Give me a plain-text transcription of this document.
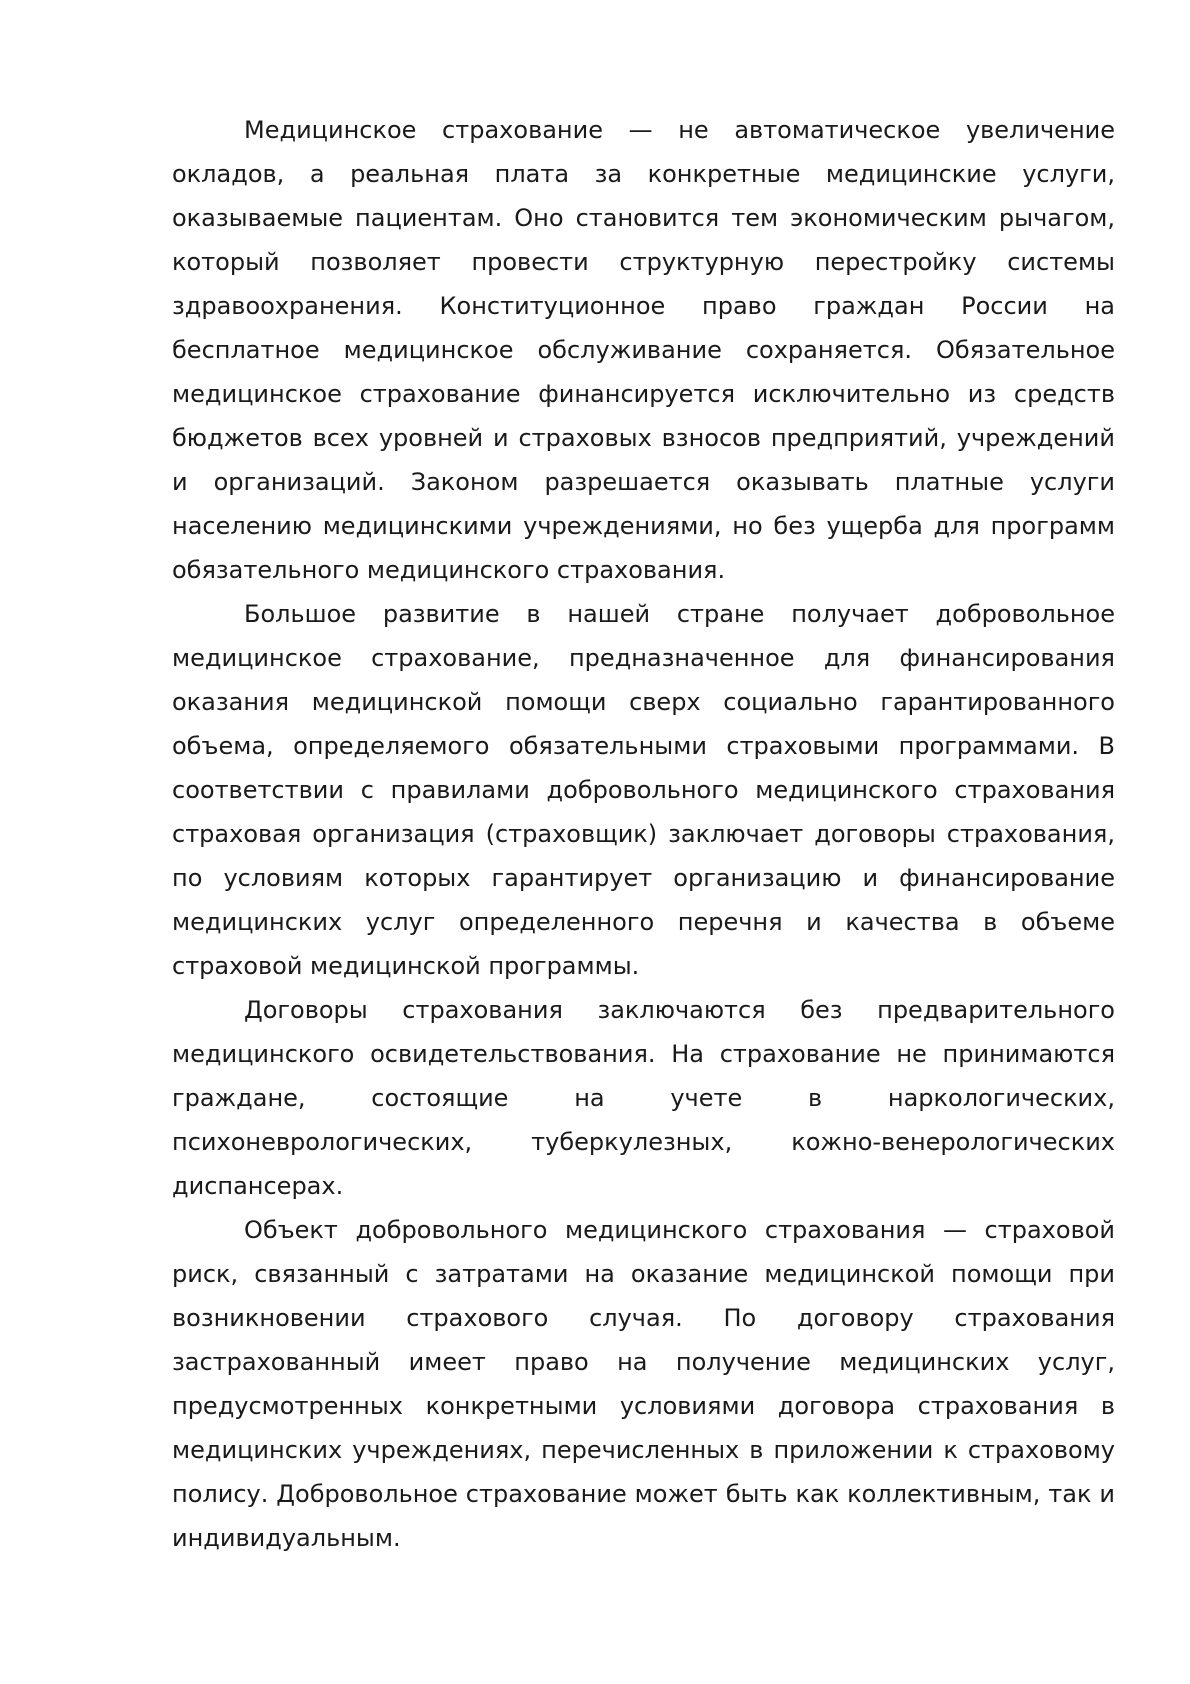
Медицинское страхование — не автоматическое увеличение окладов, а реальная плата за конкретные медицинские услуги, оказываемые пациентам. Оно становится тем экономическим рычагом, который позволяет провести структурную перестройку системы здравоохранения. Конституционное право граждан России на бесплатное медицинское обслуживание сохраняется. Обязательное медицинское страхование финансируется исключительно из средств бюджетов всех уровней и страховых взносов предприятий, учреждений и организаций. Законом разрешается оказывать платные услуги населению медицинскими учреждениями, но без ущерба для программ обязательного медицинского страхования.

Большое развитие в нашей стране получает добровольное медицинское страхование, предназначенное для финансирования оказания медицинской помощи сверх социально гарантированного объема, определяемого обязательными страховыми программами. В соответствии с правилами добровольного медицинского страхования страховая организация (страховщик) заключает договоры страхования, по условиям которых гарантирует организацию и финансирование медицинских услуг определенного перечня и качества в объеме страховой медицинской программы.

Договоры страхования заключаются без предварительного медицинского освидетельствования. На страхование не принимаются граждане, состоящие на учете в наркологических, психоневрологических, туберкулезных, кожно-венерологических диспансерах.

Объект добровольного медицинского страхования — страховой риск, связанный с затратами на оказание медицинской помощи при возникновении страхового случая. По договору страхования застрахованный имеет право на получение медицинских услуг, предусмотренных конкретными условиями договора страхования в медицинских учреждениях, перечисленных в приложении к страховому полису. Добровольное страхование может быть как коллективным, так и индивидуальным.
